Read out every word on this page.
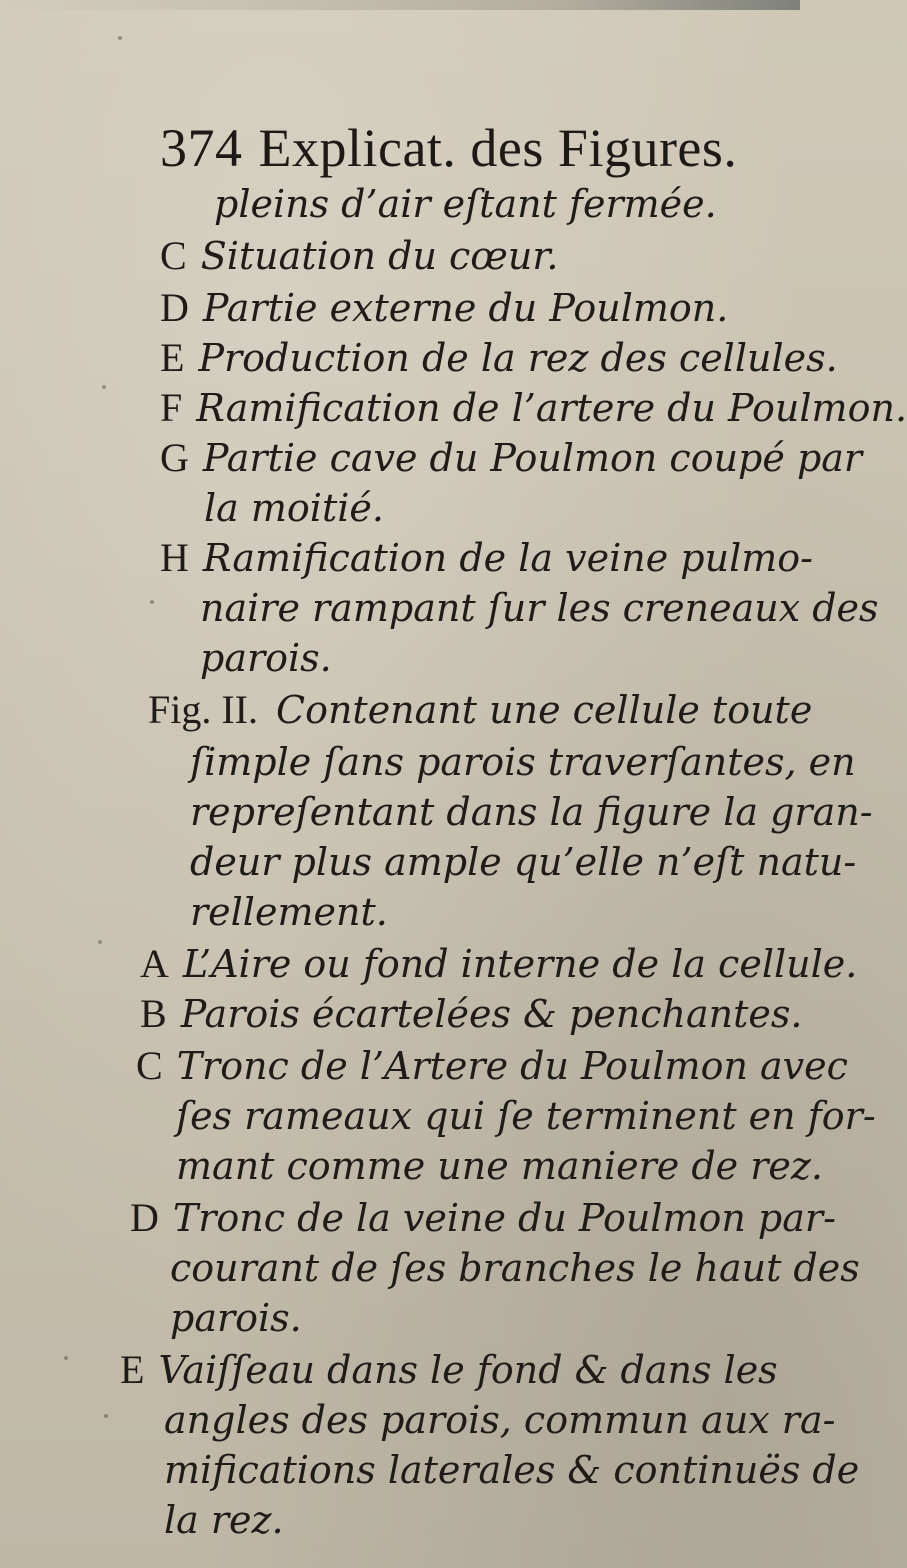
374 Explicat. des Figures.
pleins d’air eſtant fermée.
C Situation du cœur.
D Partie externe du Poulmon.
E Production de la rez des cellules.
F Ramification de l’artere du Poulmon.
G Partie cave du Poulmon coupé par
la moitié.
H Ramification de la veine pulmo-
naire rampant ſur les creneaux des
parois.
Fig. II. Contenant une cellule toute
ſimple ſans parois traverſantes, en
repreſentant dans la figure la gran-
deur plus ample qu’elle n’eſt natu-
rellement.
A L’Aire ou fond interne de la cellule.
B Parois écartelées & penchantes.
C Tronc de l’Artere du Poulmon avec
ſes rameaux qui ſe terminent en for-
mant comme une maniere de rez.
D Tronc de la veine du Poulmon par-
courant de ſes branches le haut des
parois.
E Vaiſſeau dans le fond & dans les
angles des parois, commun aux ra-
mifications laterales & continuës de
la rez.
